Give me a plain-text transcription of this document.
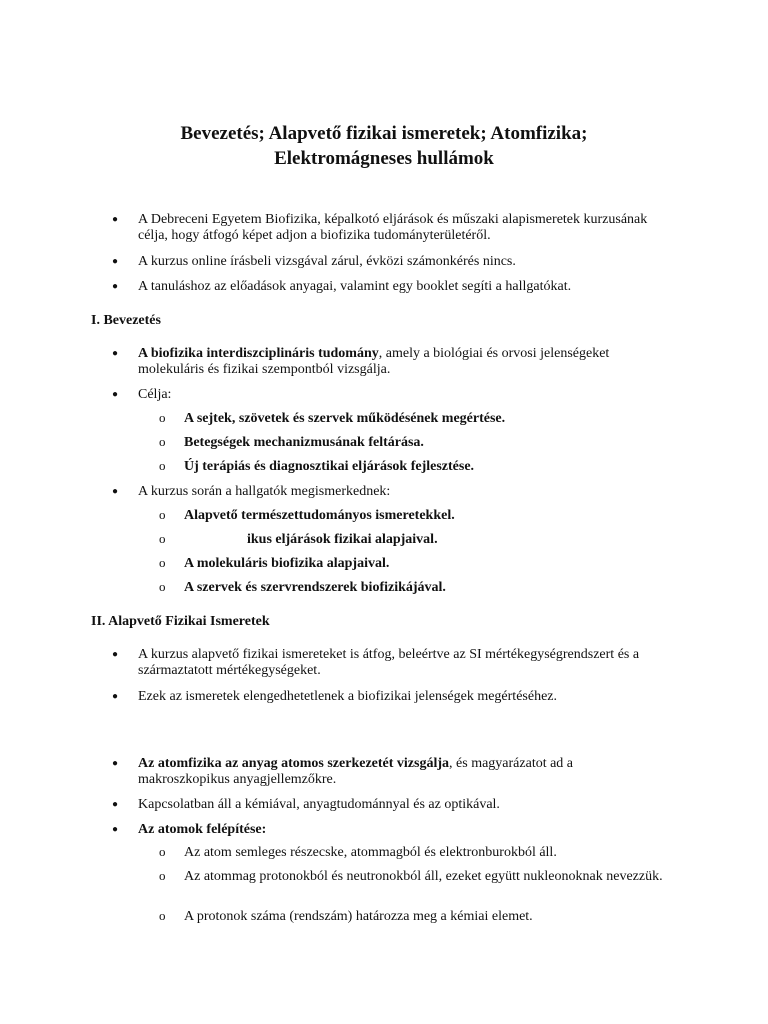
Bevezetés; Alapvető fizikai ismeretek; Atomfizika;
Elektromágneses hullámok
● A Debreceni Egyetem Biofizika, képalkotó eljárások és műszaki alapismeretek kurzusának célja, hogy átfogó képet adjon a biofizika tudományterületéről.
● A kurzus online írásbeli vizsgával zárul, évközi számonkérés nincs.
● A tanuláshoz az előadások anyagai, valamint egy booklet segíti a hallgatókat.
I. Bevezetés
● A biofizika interdiszciplináris tudomány, amely a biológiai és orvosi jelenségeket molekuláris és fizikai szempontból vizsgálja.
● Célja:
o A sejtek, szövetek és szervek működésének megértése.
o Betegségek mechanizmusának feltárása.
o Új terápiás és diagnosztikai eljárások fejlesztése.
● A kurzus során a hallgatók megismerkednek:
o Alapvető természettudományos ismeretekkel.
o	ikus eljárások fizikai alapjaival.
o A molekuláris biofizika alapjaival.
o A szervek és szervrendszerek biofizikájával.
II. Alapvető Fizikai Ismeretek
● A kurzus alapvető fizikai ismereteket is átfog, beleértve az SI mértékegységrendszert és a származtatott mértékegységeket.
● Ezek az ismeretek elengedhetetlenek a biofizikai jelenségek megértéséhez.
● Az atomfizika az anyag atomos szerkezetét vizsgálja, és magyarázatot ad a makroszkopikus anyagjellemzőkre.
● Kapcsolatban áll a kémiával, anyagtudománnyal és az optikával.
● Az atomok felépítése:
o Az atom semleges részecske, atommagból és elektronburokból áll.
o Az atommag protonokból és neutronokból áll, ezeket együtt nukleonoknak nevezzük.
o A protonok száma (rendszám) határozza meg a kémiai elemet.
